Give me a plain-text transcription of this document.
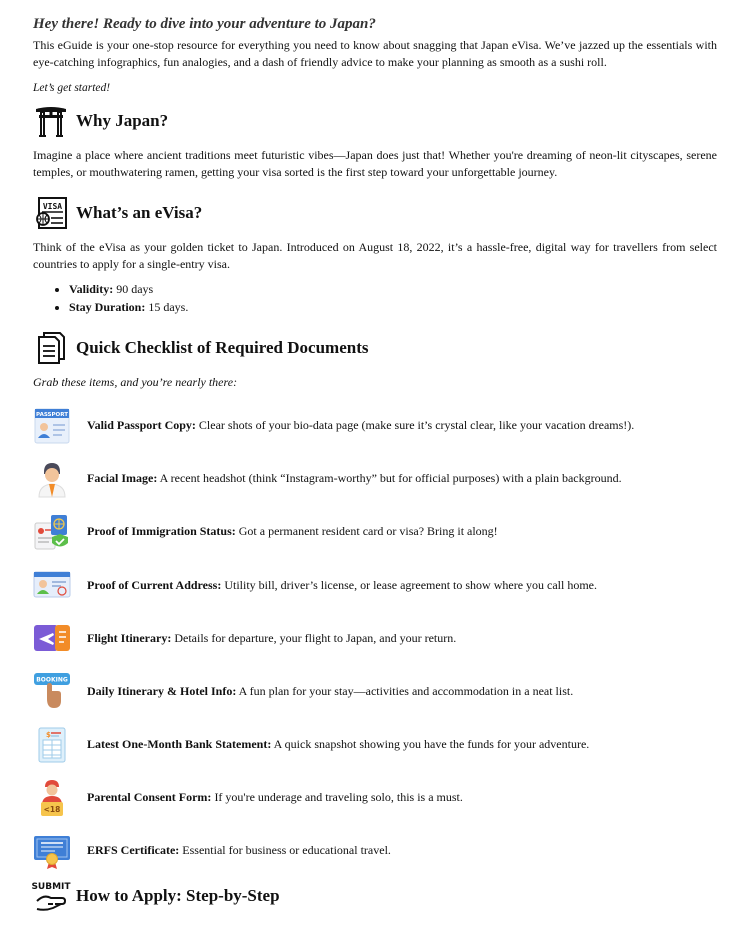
Hey there! Ready to dive into your adventure to Japan?

This eGuide is your one-stop resource for everything you need to know about snagging that Japan eVisa. We’ve jazzed up the essentials with eye-catching infographics, fun analogies, and a dash of friendly advice to make your planning as smooth as a sushi roll.

Let’s get started!

Why Japan?

Imagine a place where ancient traditions meet futuristic vibes—Japan does just that! Whether you're dreaming of neon-lit cityscapes, serene temples, or mouthwatering ramen, getting your visa sorted is the first step toward your unforgettable journey.

VISA What’s an eVisa?

Think of the eVisa as your golden ticket to Japan. Introduced on August 18, 2022, it’s a hassle-free, digital way for travellers from select countries to apply for a single-entry visa.

• Validity: 90 days
• Stay Duration: 15 days.
Quick Checklist of Required Documents

Grab these items, and you’re nearly there:

PASSPORT
Valid Passport Copy: Clear shots of your bio-data page (make sure it’s crystal clear, like your vacation dreams!).
Facial Image: A recent headshot (think “Instagram-worthy” but for official purposes) with a plain background.
Proof of Immigration Status: Got a permanent resident card or visa? Bring it along!
Proof of Current Address: Utility bill, driver’s license, or lease agreement to show where you call home.
Flight Itinerary: Details for departure, your flight to Japan, and your return.
BOOKING
Daily Itinerary & Hotel Info: A fun plan for your stay—activities and accommodation in a neat list.
$
Latest One-Month Bank Statement: A quick snapshot showing you have the funds for your adventure.
<18
Parental Consent Form: If you're underage and traveling solo, this is a must.
ERFS Certificate: Essential for business or educational travel.
SUBMIT How to Apply: Step-by-Step
